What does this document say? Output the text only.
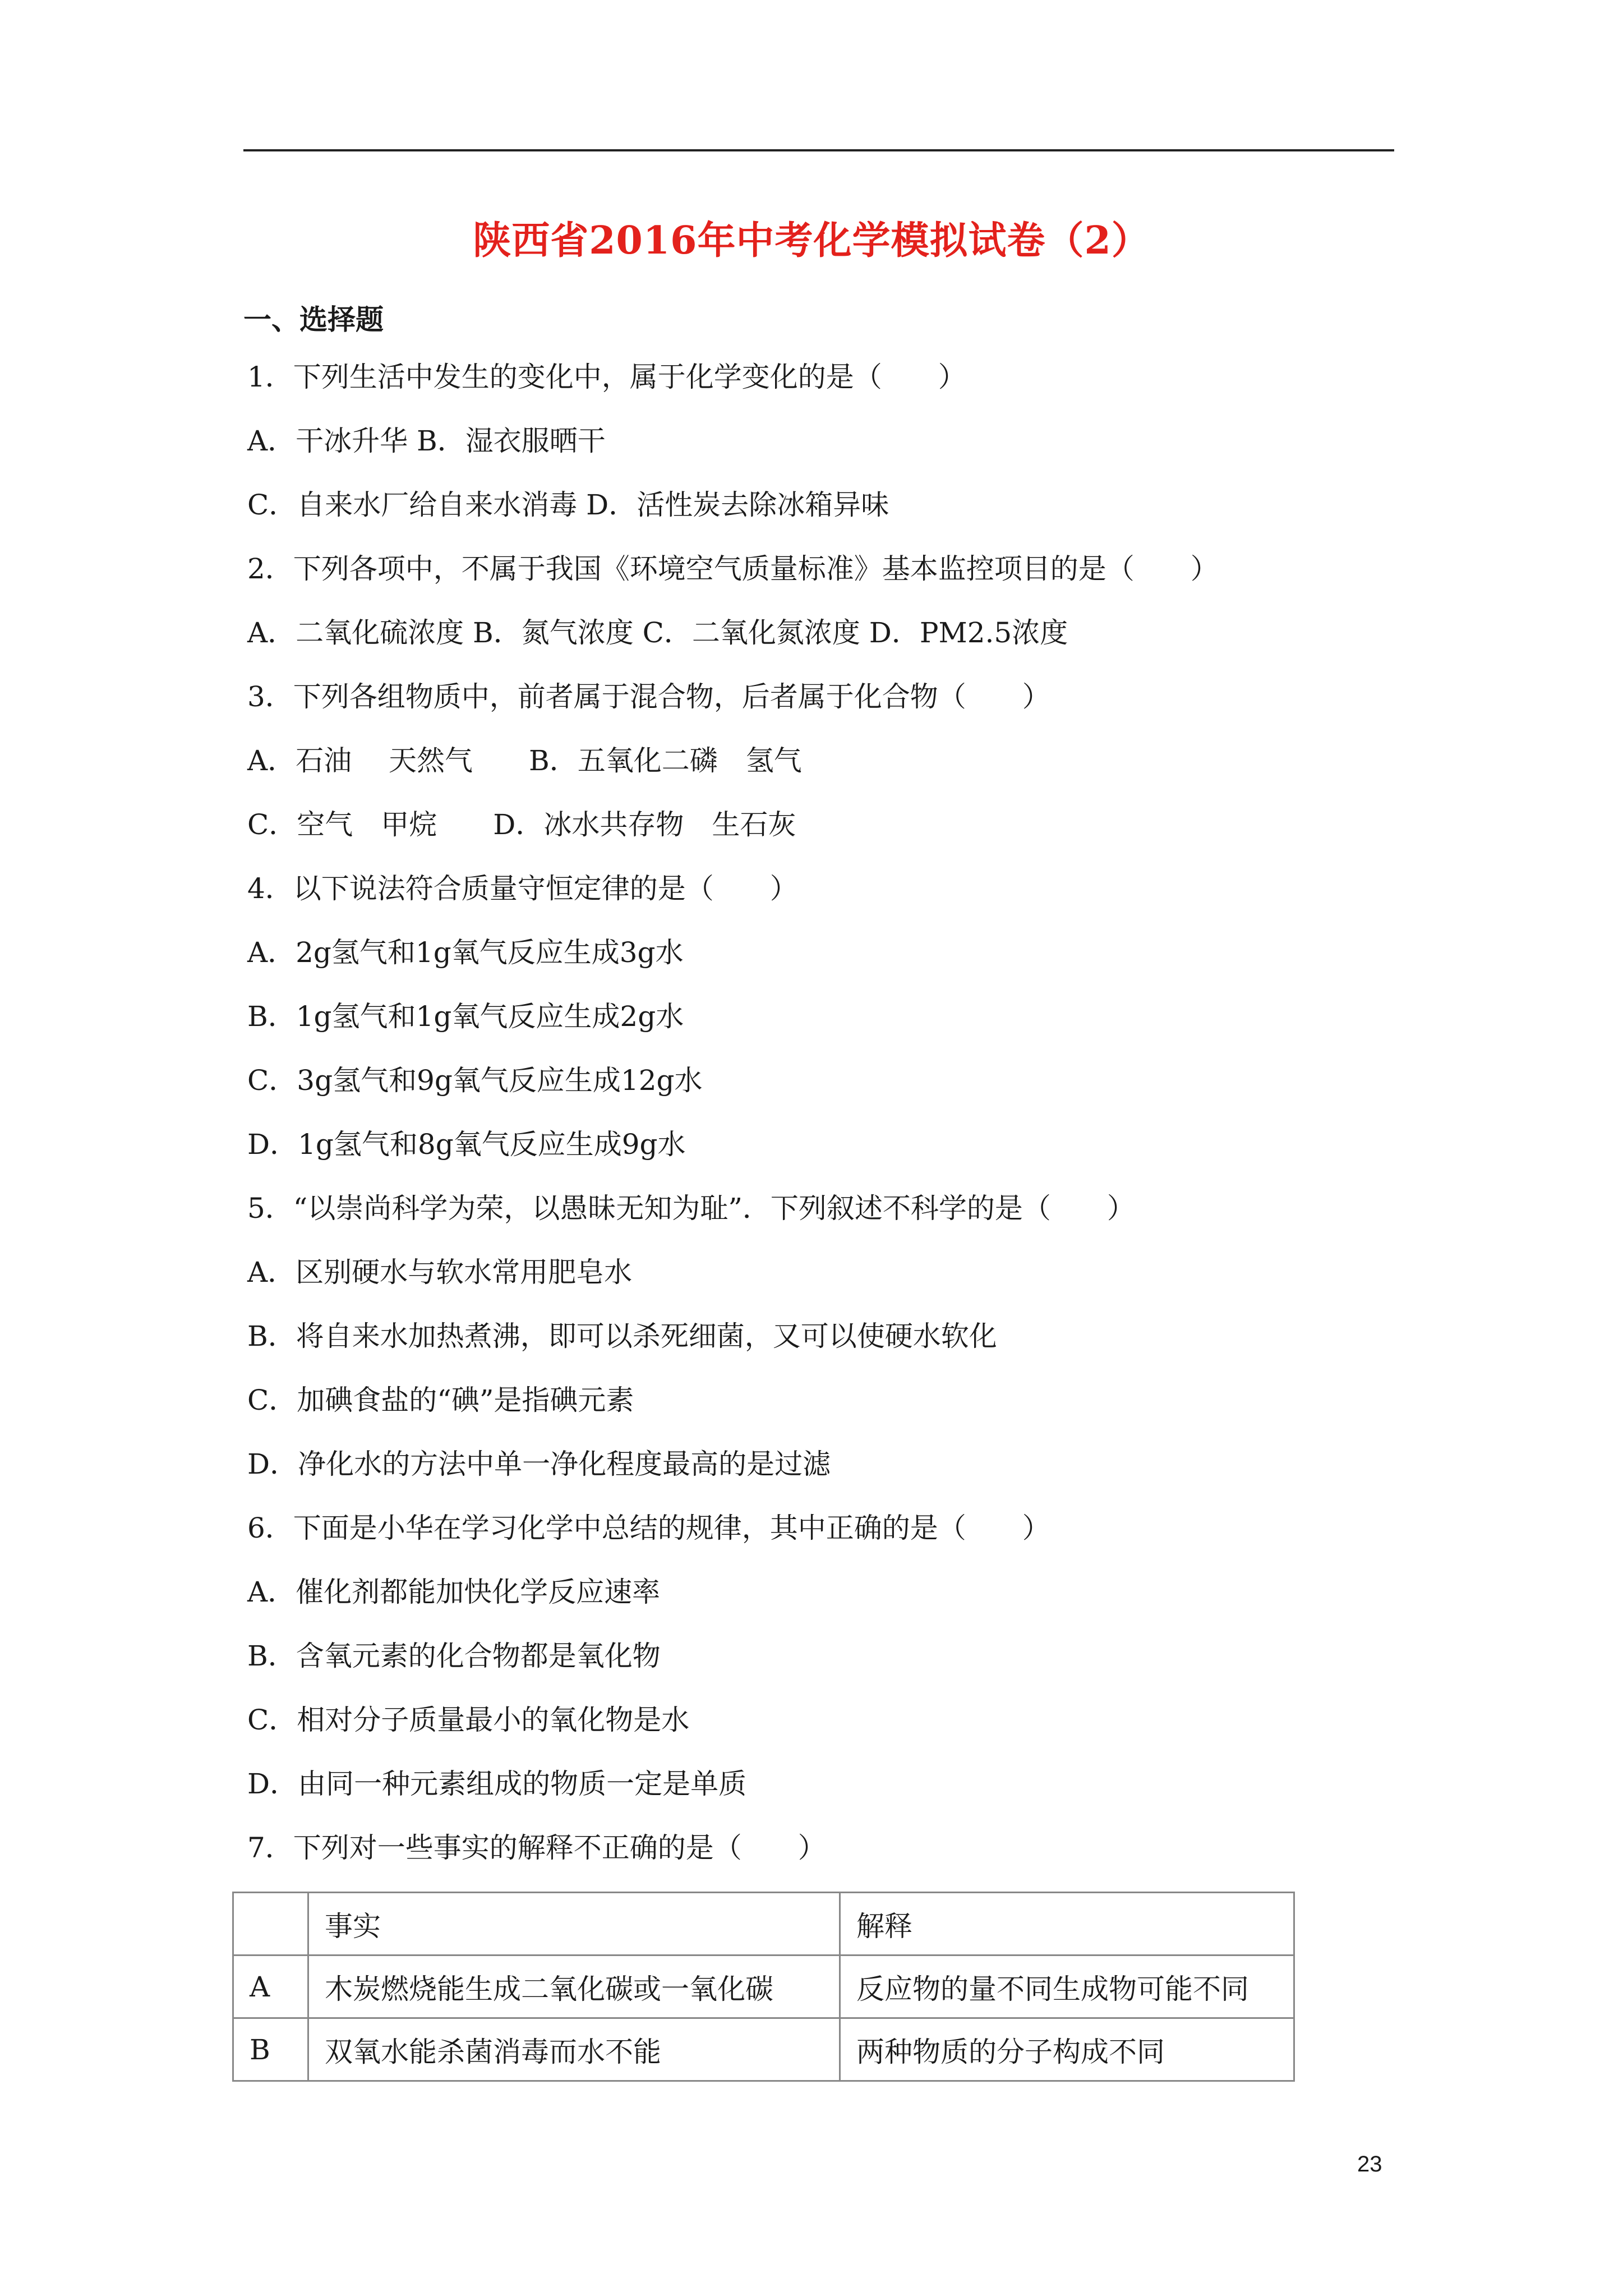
陕西省2016年中考化学模拟试卷（2）
一、选择题
1．下列生活中发生的变化中，属于化学变化的是（　　）
A．干冰升华 B．湿衣服晒干
C．自来水厂给自来水消毒 D．活性炭去除冰箱异味
2．下列各项中，不属于我国《环境空气质量标准》基本监控项目的是（　　）
A．二氧化硫浓度 B．氮气浓度 C．二氧化氮浓度 D．PM2.5浓度
3．下列各组物质中，前者属于混合物，后者属于化合物（　　）
A．石油　 天然气　　B．五氧化二磷　氢气
C．空气　甲烷　　D．冰水共存物　生石灰
4．以下说法符合质量守恒定律的是（　　）
A．2g氢气和1g氧气反应生成3g水
B．1g氢气和1g氧气反应生成2g水
C．3g氢气和9g氧气反应生成12g水
D．1g氢气和8g氧气反应生成9g水
5．“以崇尚科学为荣，以愚昧无知为耻”．下列叙述不科学的是（　　）
A．区别硬水与软水常用肥皂水
B．将自来水加热煮沸，即可以杀死细菌，又可以使硬水软化
C．加碘食盐的“碘”是指碘元素
D．净化水的方法中单一净化程度最高的是过滤
6．下面是小华在学习化学中总结的规律，其中正确的是（　　）
A．催化剂都能加快化学反应速率
B．含氧元素的化合物都是氧化物
C．相对分子质量最小的氧化物是水
D．由同一种元素组成的物质一定是单质
7．下列对一些事实的解释不正确的是（　　）
	事实	解释
A	木炭燃烧能生成二氧化碳或一氧化碳	反应物的量不同生成物可能不同
B	双氧水能杀菌消毒而水不能	两种物质的分子构成不同
23
